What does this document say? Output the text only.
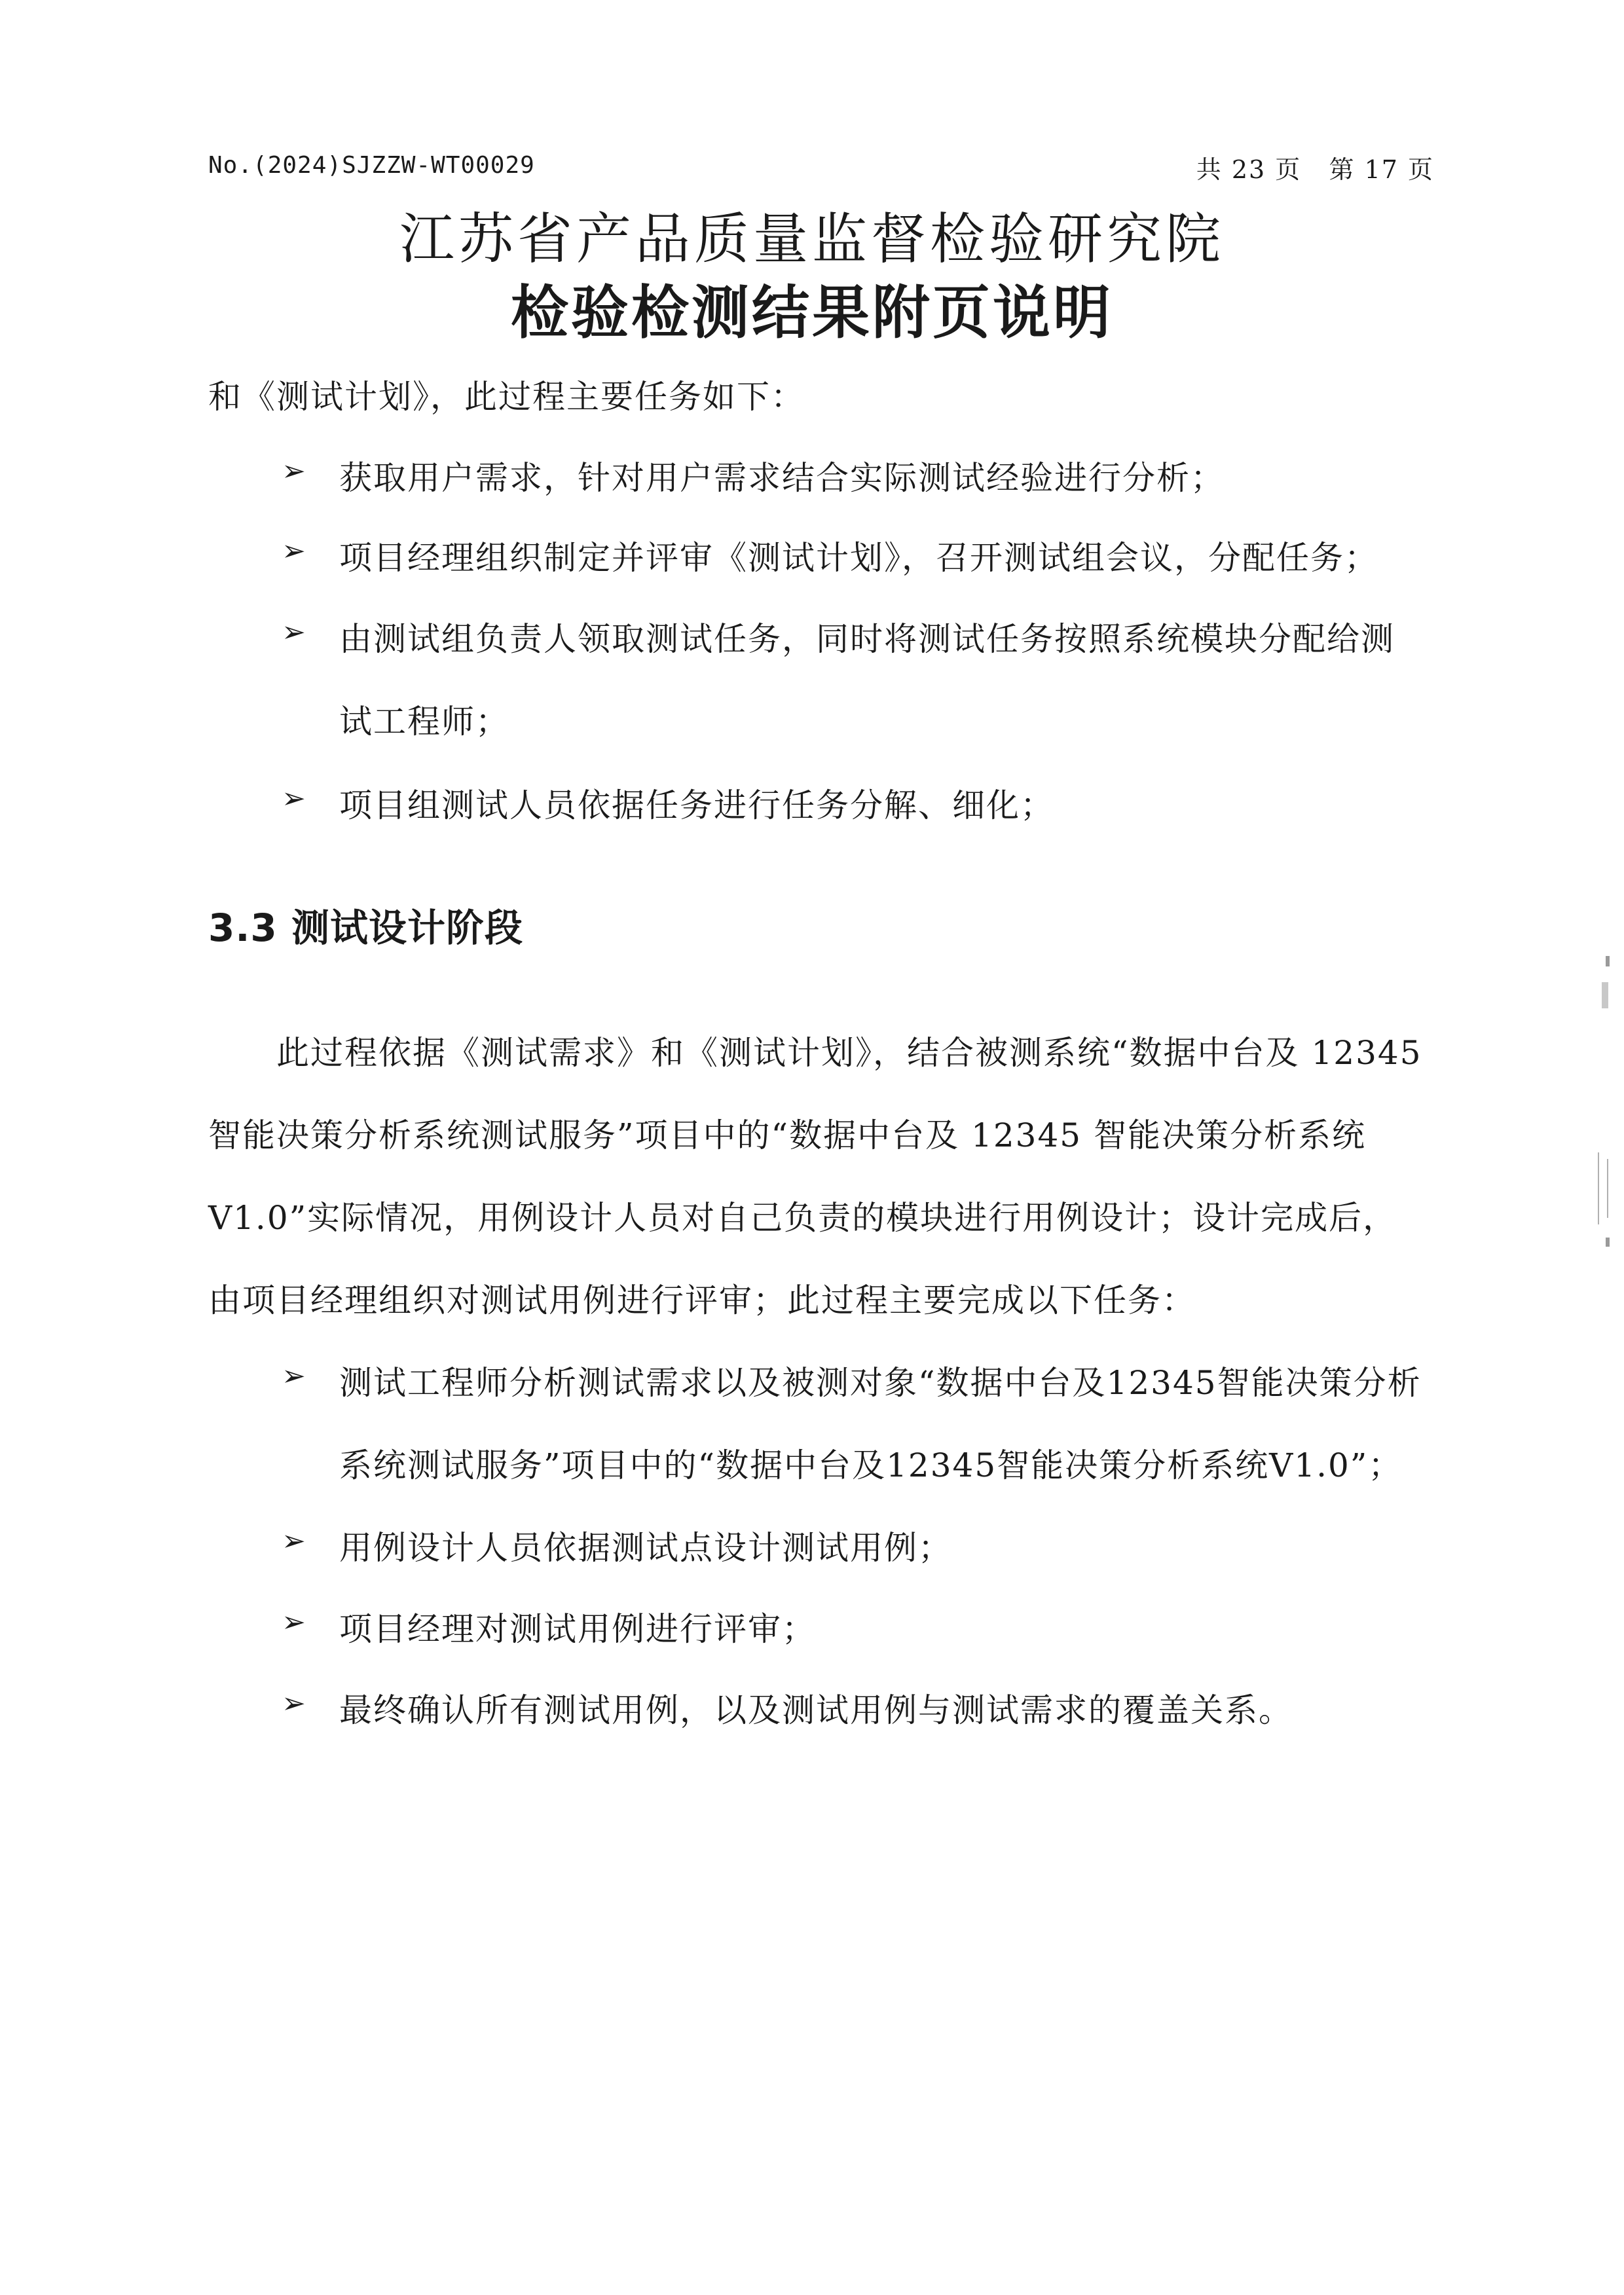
No.(2024)SJZZW-WT00029	共 23 页   第 17 页
江苏省产品质量监督检验研究院
检验检测结果附页说明
和《测试计划》，此过程主要任务如下：
➢ 获取用户需求，针对用户需求结合实际测试经验进行分析；
➢ 项目经理组织制定并评审《测试计划》，召开测试组会议，分配任务；
➢ 由测试组负责人领取测试任务，同时将测试任务按照系统模块分配给测
试工程师；
➢ 项目组测试人员依据任务进行任务分解、细化；
3.3 测试设计阶段
　　此过程依据《测试需求》和《测试计划》，结合被测系统“数据中台及 12345
智能决策分析系统测试服务”项目中的“数据中台及 12345 智能决策分析系统
V1.0”实际情况，用例设计人员对自己负责的模块进行用例设计；设计完成后，
由项目经理组织对测试用例进行评审；此过程主要完成以下任务：
➢ 测试工程师分析测试需求以及被测对象“数据中台及12345智能决策分析
系统测试服务”项目中的“数据中台及12345智能决策分析系统V1.0”；
➢ 用例设计人员依据测试点设计测试用例；
➢ 项目经理对测试用例进行评审；
➢ 最终确认所有测试用例，以及测试用例与测试需求的覆盖关系。
